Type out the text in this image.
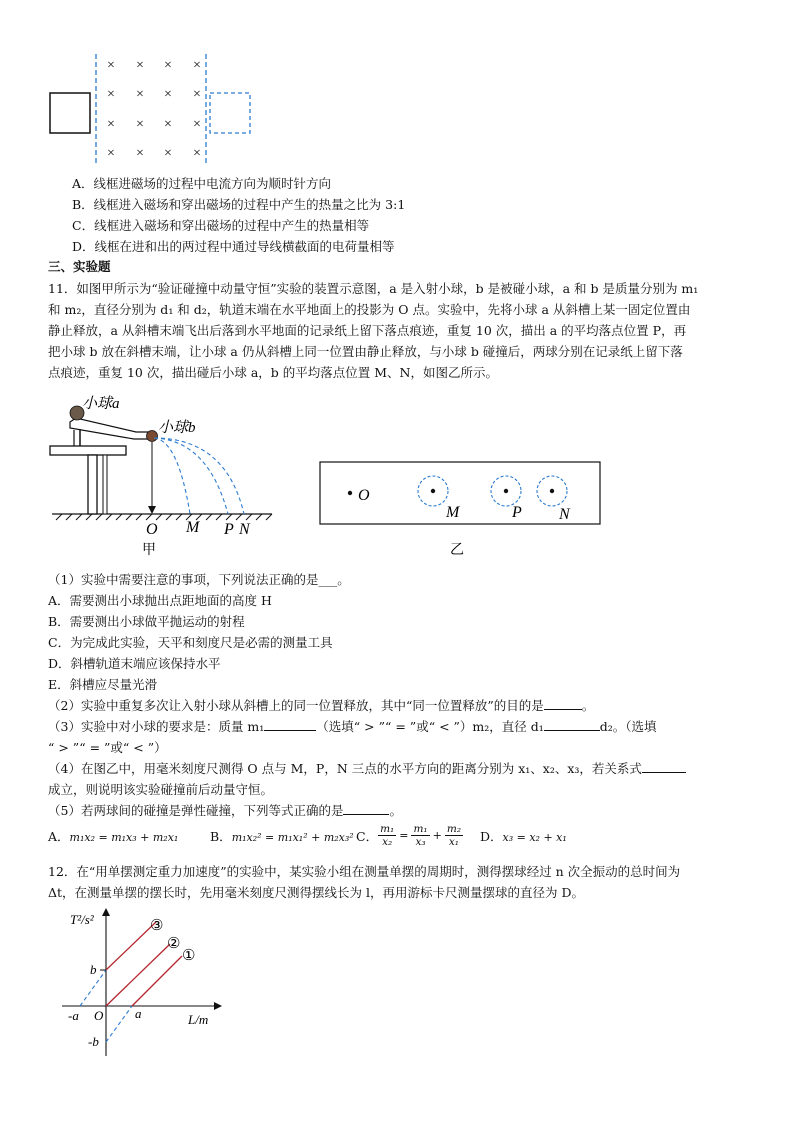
× × × ×
× × × ×
× × × ×
× × × ×
A．线框进磁场的过程中电流方向为顺时针方向
B．线框进入磁场和穿出磁场的过程中产生的热量之比为 3:1
C．线框进入磁场和穿出磁场的过程中产生的热量相等
D．线框在进和出的两过程中通过导线横截面的电荷量相等
三、实验题
11．如图甲所示为“验证碰撞中动量守恒”实验的装置示意图，a 是入射小球，b 是被碰小球，a 和 b 是质量分别为 m₁
和 m₂，直径分别为 d₁ 和 d₂，轨道末端在水平地面上的投影为 O 点。实验中，先将小球 a 从斜槽上某一固定位置由
静止释放，a 从斜槽末端飞出后落到水平地面的记录纸上留下落点痕迹，重复 10 次，描出 a 的平均落点位置 P，再
把小球 b 放在斜槽末端，让小球 a 仍从斜槽上同一位置由静止释放，与小球 b 碰撞后，两球分别在记录纸上留下落
点痕迹，重复 10 次，描出碰后小球 a，b 的平均落点位置 M、N，如图乙所示。
小球a
小球b
O M P N
甲
O
M	P N
乙
（1）实验中需要注意的事项，下列说法正确的是___。
A．需要测出小球抛出点距地面的高度 H
B．需要测出小球做平抛运动的射程
C．为完成此实验，天平和刻度尺是必需的测量工具
D．斜槽轨道末端应该保持水平
E．斜槽应尽量光滑
（2）实验中重复多次让入射小球从斜槽上的同一位置释放，其中“同一位置释放”的目的是	。
（3）实验中对小球的要求是：质量 m₁	（选填“ > ”“ = ”或“ < ”）m₂，直径 d₁	d₂。（选填
“ > ”“ = ”或“ < ”）
（4）在图乙中，用毫米刻度尺测得 O 点与 M，P，N 三点的水平方向的距离分别为 x₁、x₂、x₃，若关系式
成立，则说明该实验碰撞前后动量守恒。
（5）若两球间的碰撞是弹性碰撞，下列等式正确的是	。
A．m₁x₂ = m₁x₃ + m₂x₁	B．m₁x₂² = m₁x₁² + m₂x₃² C． $\frac{\text{m₁}}{\text{x₂}} = \frac{\text{m₁}}{\text{x₃}} + \frac{\text{m₂}}{\text{x₁}}$ D．x₃ = x₂ + x₁
12．在“用单摆测定重力加速度”的实验中，某实验小组在测量单摆的周期时，测得摆球经过 n 次全振动的总时间为
Δt，在测量单摆的摆长时，先用毫米刻度尺测得摆线长为 l，再用游标卡尺测量摆球的直径为 D。
T²/s²
L/m
O
b
-b
a
-a
③
②
①
